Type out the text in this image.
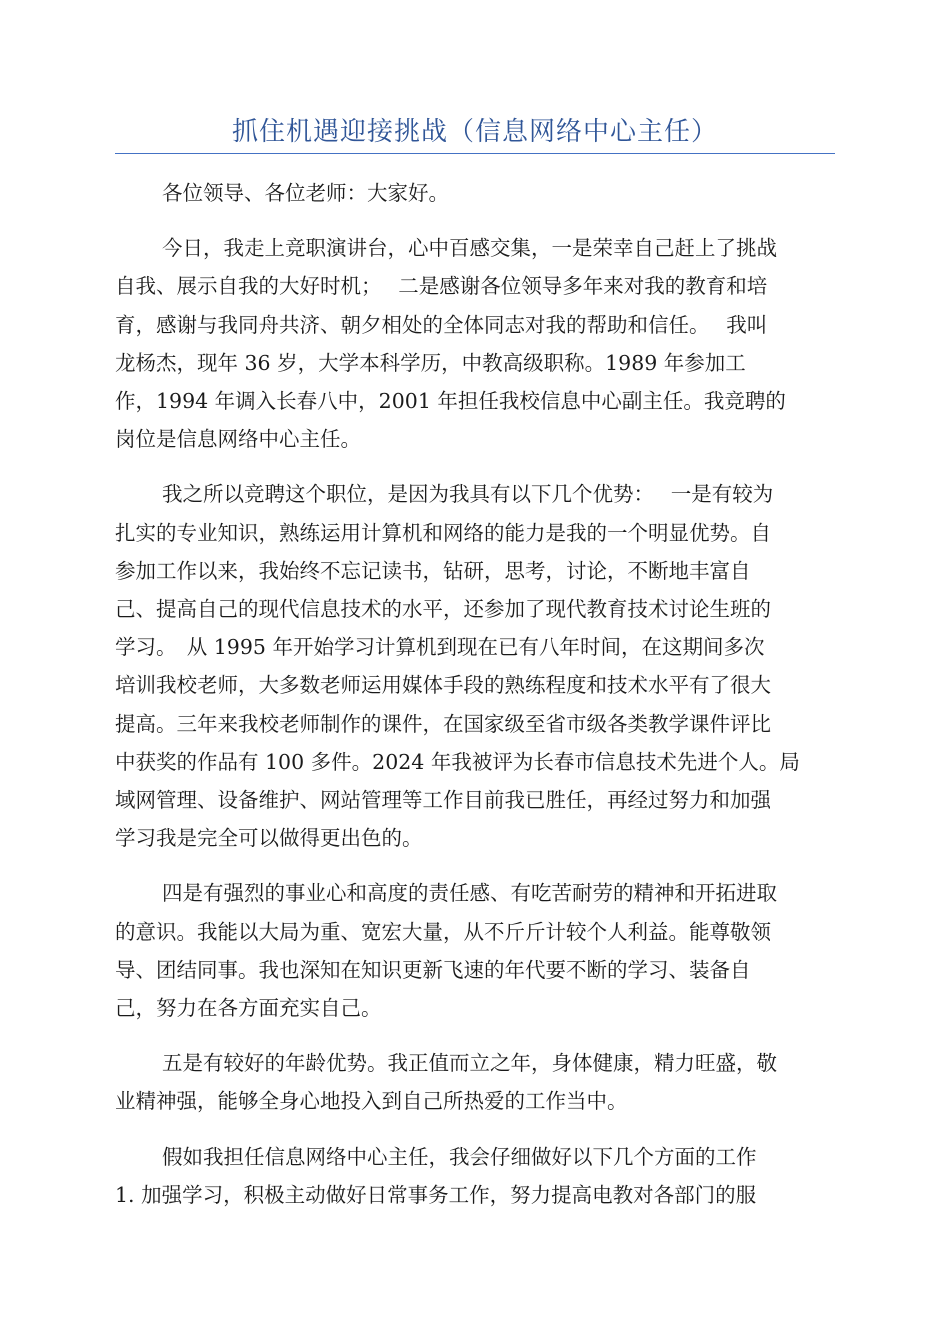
抓住机遇迎接挑战（信息网络中心主任）

各位领导、各位老师：大家好。

今日，我走上竞职演讲台，心中百感交集，一是荣幸自己赶上了挑战
自我、展示自我的大好时机；　 二是感谢各位领导多年来对我的教育和培
育，感谢与我同舟共济、朝夕相处的全体同志对我的帮助和信任。　 我叫
龙杨杰，现年 36 岁，大学本科学历，中教高级职称。1989 年参加工
作，1994 年调入长春八中，2001 年担任我校信息中心副主任。我竞聘的
岗位是信息网络中心主任。

我之所以竞聘这个职位，是因为我具有以下几个优势：　 一是有较为
扎实的专业知识，熟练运用计算机和网络的能力是我的一个明显优势。自
参加工作以来，我始终不忘记读书，钻研，思考，讨论，不断地丰富自
己、提高自己的现代信息技术的水平，还参加了现代教育技术讨论生班的
学习。　从 1995 年开始学习计算机到现在已有八年时间，在这期间多次
培训我校老师，大多数老师运用媒体手段的熟练程度和技术水平有了很大
提高。三年来我校老师制作的课件，在国家级至省市级各类教学课件评比
中获奖的作品有 100 多件。2024 年我被评为长春市信息技术先进个人。局
域网管理、设备维护、网站管理等工作目前我已胜任，再经过努力和加强
学习我是完全可以做得更出色的。

四是有强烈的事业心和高度的责任感、有吃苦耐劳的精神和开拓进取
的意识。我能以大局为重、宽宏大量，从不斤斤计较个人利益。能尊敬领
导、团结同事。我也深知在知识更新飞速的年代要不断的学习、装备自
己，努力在各方面充实自己。

五是有较好的年龄优势。我正值而立之年，身体健康，精力旺盛，敬
业精神强，能够全身心地投入到自己所热爱的工作当中。

假如我担任信息网络中心主任，我会仔细做好以下几个方面的工作
1. 加强学习，积极主动做好日常事务工作，努力提高电教对各部门的服
